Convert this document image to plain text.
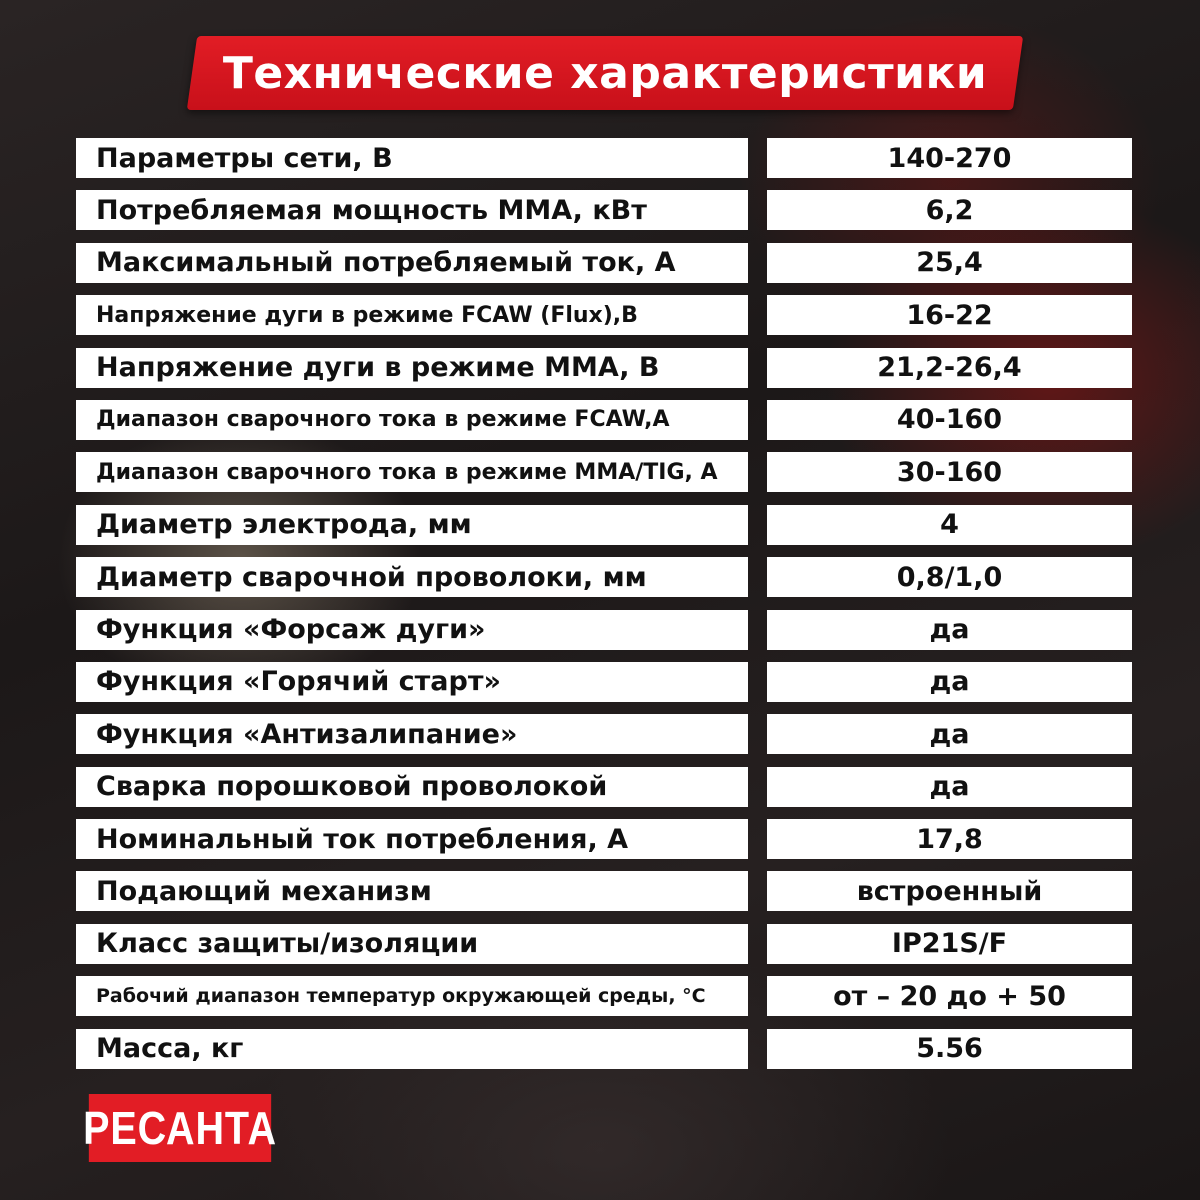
Технические характеристики
Параметры сети, В	140-270
Потребляемая мощность MMA, кВт	6,2
Максимальный потребляемый ток, А	25,4
Напряжение дуги в режиме FCAW (Flux),В	16-22
Напряжение дуги в режиме MMA, В	21,2-26,4
Диапазон сварочного тока в режиме FCAW,А	40-160
Диапазон сварочного тока в режиме MMA/TIG, А	30-160
Диаметр электрода, мм	4
Диаметр сварочной проволоки, мм	0,8/1,0
Функция «Форсаж дуги»	да
Функция «Горячий старт»	да
Функция «Антизалипание»	да
Сварка порошковой проволокой	да
Номинальный ток потребления, А	17,8
Подающий механизм	встроенный
Класс защиты/изоляции	IP21S/F
Рабочий диапазон температур окружающей среды, °С	от – 20 до + 50
Масса, кг	5.56
РЕСАНТА
